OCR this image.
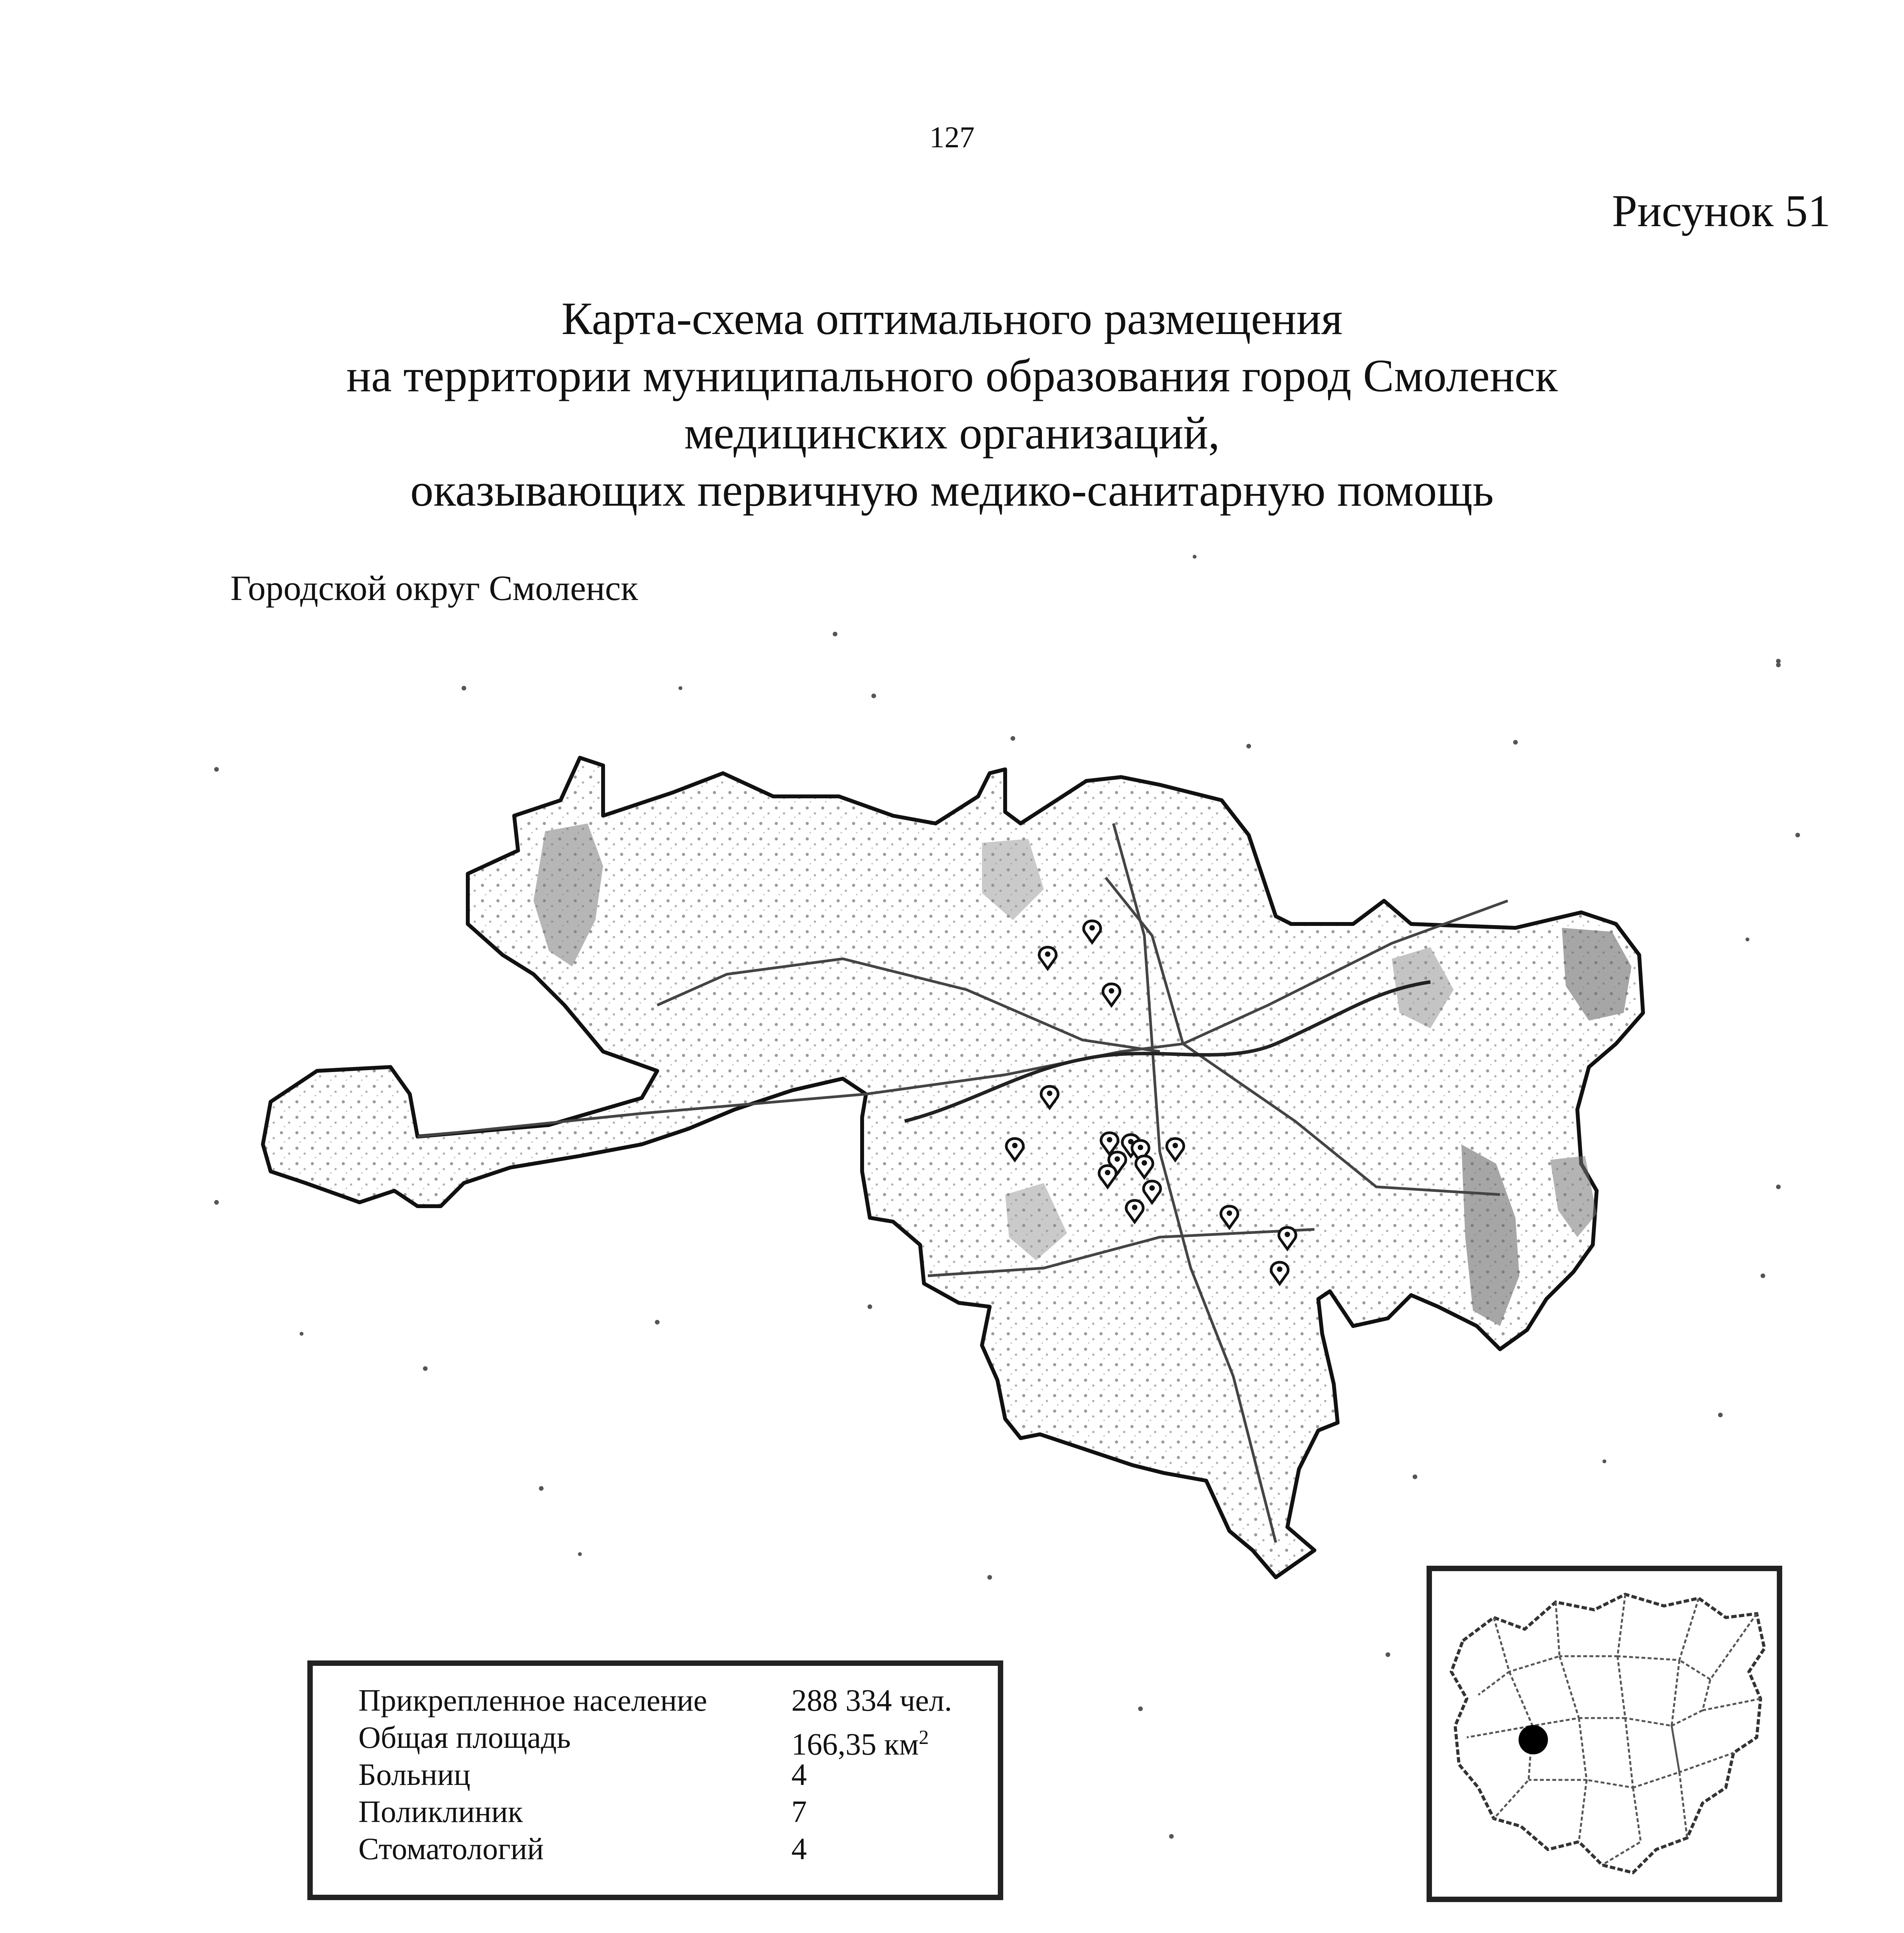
127
Рисунок 51
Карта-схема оптимального размещения
на территории муниципального образования город Смоленск
медицинских организаций,
оказывающих первичную медико-санитарную помощь
Городской округ Смоленск
Прикрепленное население	288 334 чел.
Общая площадь	166,35 $км^2$
Больниц	4
Поликлиник	7
Стоматологий	4
